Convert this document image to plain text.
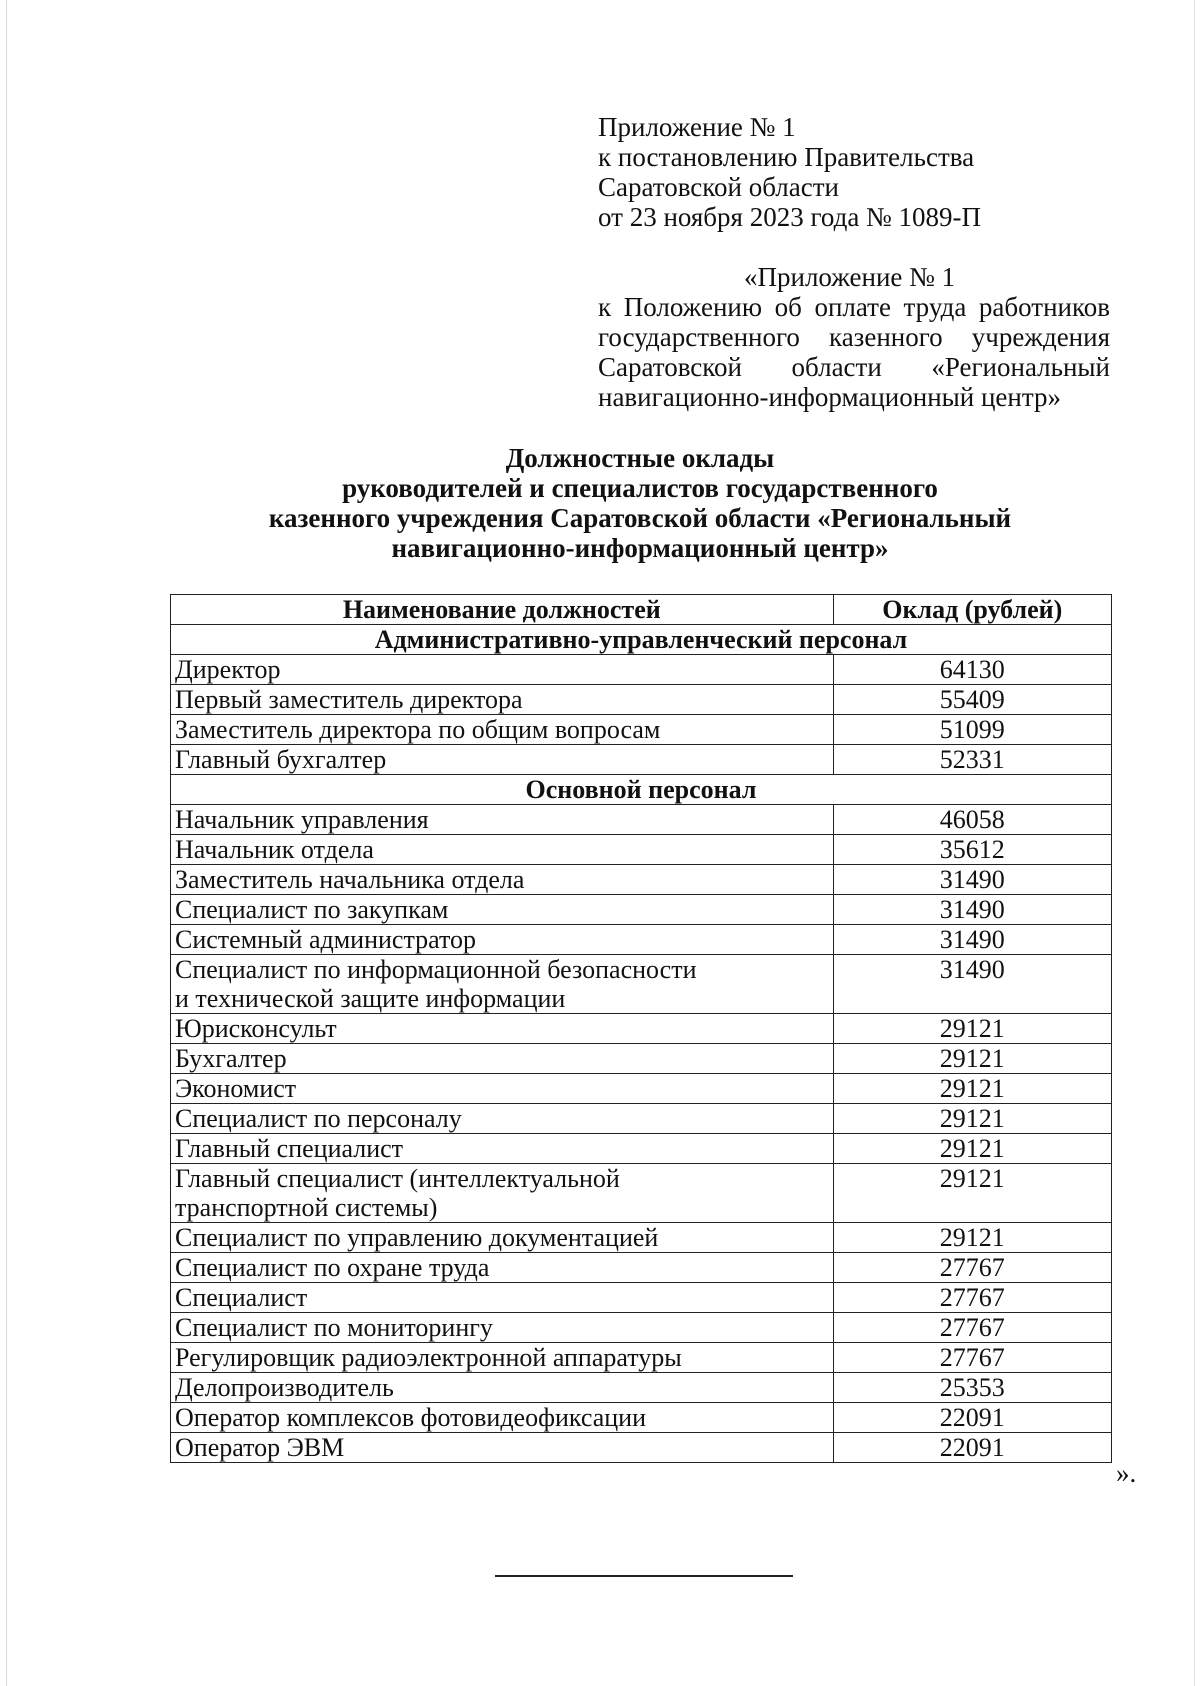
Приложение № 1
к постановлению Правительства
Саратовской области
от 23 ноября 2023 года № 1089-П
«Приложение № 1
к Положению об оплате труда работников
государственного казенного учреждения
Саратовской области «Региональный
навигационно-информационный центр»
Должностные оклады
руководителей и специалистов государственного
казенного учреждения Саратовской области «Региональный
навигационно-информационный центр»
Наименование должностей	Оклад (рублей)
Административно-управленческий персонал	

Директор	64130

Первый заместитель директора	55409

Заместитель директора по общим вопросам	51099

Главный бухгалтер	52331
Основной персонал	

Начальник управления	46058

Начальник отдела	35612

Заместитель начальника отдела	31490

Специалист по закупкам	31490

Системный администратор	31490

Специалист по информационной безопасности
и технической защите информации	31490

Юрисконсульт	29121

Бухгалтер	29121

Экономист	29121

Специалист по персоналу	29121

Главный специалист	29121

Главный специалист (интеллектуальной
транспортной системы)	29121

Специалист по управлению документацией	29121

Специалист по охране труда	27767

Специалист	27767

Специалист по мониторингу	27767

Регулировщик радиоэлектронной аппаратуры	27767

Делопроизводитель	25353

Оператор комплексов фотовидеофиксации	22091

Оператор ЭВМ	22091
».
